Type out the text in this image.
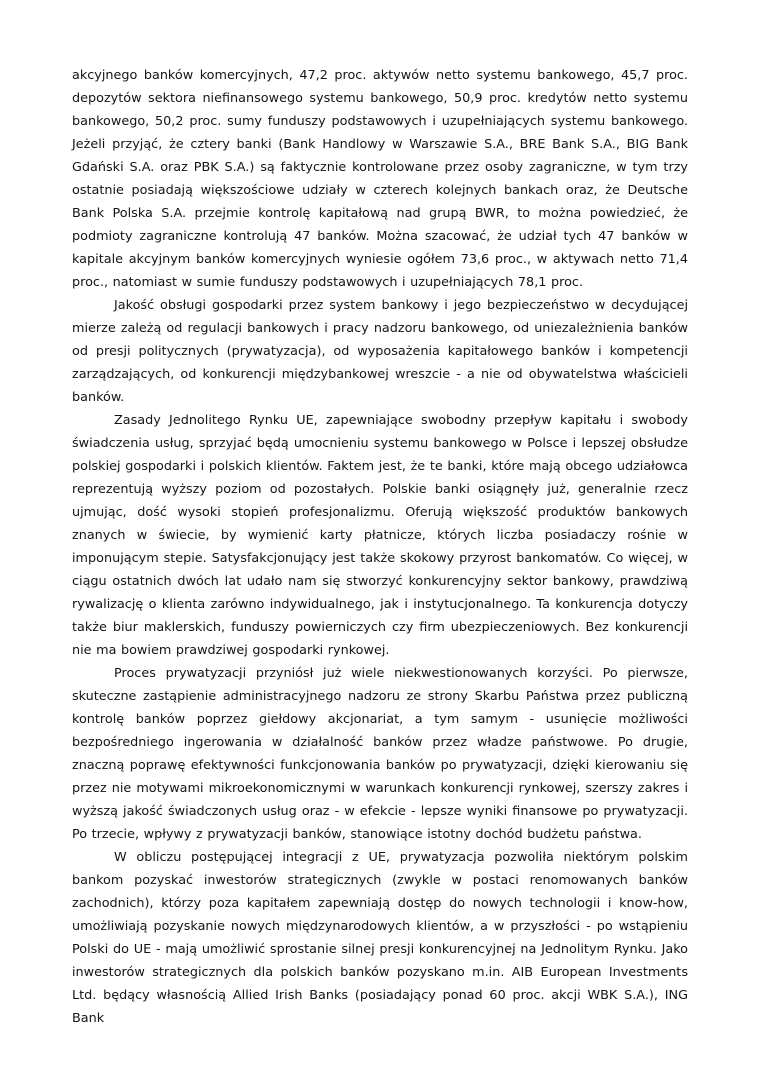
akcyjnego banków komercyjnych, 47,2 proc. aktywów netto systemu bankowego, 45,7 proc. depozytów sektora niefinansowego systemu bankowego, 50,9 proc. kredytów netto systemu bankowego, 50,2 proc. sumy funduszy podstawowych i uzupełniających systemu bankowego. Jeżeli przyjąć, że cztery banki (Bank Handlowy w Warszawie S.A., BRE Bank S.A., BIG Bank Gdański S.A. oraz PBK S.A.) są faktycznie kontrolowane przez osoby zagraniczne, w tym trzy ostatnie posiadają większościowe udziały w czterech kolejnych bankach oraz, że Deutsche Bank Polska S.A. przejmie kontrolę kapitałową nad grupą BWR, to można powiedzieć, że podmioty zagraniczne kontrolują 47 banków. Można szacować, że udział tych 47 banków w kapitale akcyjnym banków komercyjnych wyniesie ogółem 73,6 proc., w aktywach netto 71,4 proc., natomiast w sumie funduszy podstawowych i uzupełniających 78,1 proc.

Jakość obsługi gospodarki przez system bankowy i jego bezpieczeństwo w decydującej mierze zależą od regulacji bankowych i pracy nadzoru bankowego, od uniezależnienia banków od presji politycznych (prywatyzacja), od wyposażenia kapitałowego banków i kompetencji zarządzających, od konkurencji międzybankowej wreszcie - a nie od obywatelstwa właścicieli banków.

Zasady Jednolitego Rynku UE, zapewniające swobodny przepływ kapitału i swobody świadczenia usług, sprzyjać będą umocnieniu systemu bankowego w Polsce i lepszej obsłudze polskiej gospodarki i polskich klientów. Faktem jest, że te banki, które mają obcego udziałowca reprezentują wyższy poziom od pozostałych. Polskie banki osiągnęły już, generalnie rzecz ujmując, dość wysoki stopień profesjonalizmu. Oferują większość produktów bankowych znanych w świecie, by wymienić karty płatnicze, których liczba posiadaczy rośnie w imponującym stepie. Satysfakcjonujący jest także skokowy przyrost bankomatów. Co więcej, w ciągu ostatnich dwóch lat udało nam się stworzyć konkurencyjny sektor bankowy, prawdziwą rywalizację o klienta zarówno indywidualnego, jak i instytucjonalnego. Ta konkurencja dotyczy także biur maklerskich, funduszy powierniczych czy firm ubezpieczeniowych. Bez konkurencji nie ma bowiem prawdziwej gospodarki rynkowej.

Proces prywatyzacji przyniósł już wiele niekwestionowanych korzyści. Po pierwsze, skuteczne zastąpienie administracyjnego nadzoru ze strony Skarbu Państwa przez publiczną kontrolę banków poprzez giełdowy akcjonariat, a tym samym - usunięcie możliwości bezpośredniego ingerowania w działalność banków przez władze państwowe. Po drugie, znaczną poprawę efektywności funkcjonowania banków po prywatyzacji, dzięki kierowaniu się przez nie motywami mikroekonomicznymi w warunkach konkurencji rynkowej, szerszy zakres i wyższą jakość świadczonych usług oraz - w efekcie - lepsze wyniki finansowe po prywatyzacji. Po trzecie, wpływy z prywatyzacji banków, stanowiące istotny dochód budżetu państwa.

W obliczu postępującej integracji z UE, prywatyzacja pozwoliła niektórym polskim bankom pozyskać inwestorów strategicznych (zwykle w postaci renomowanych banków zachodnich), którzy poza kapitałem zapewniają dostęp do nowych technologii i know-how, umożliwiają pozyskanie nowych międzynarodowych klientów, a w przyszłości - po wstąpieniu Polski do UE - mają umożliwić sprostanie silnej presji konkurencyjnej na Jednolitym Rynku. Jako inwestorów strategicznych dla polskich banków pozyskano m.in. AIB European Investments Ltd. będący własnością Allied Irish Banks (posiadający ponad 60 proc. akcji WBK S.A.), ING Bank
